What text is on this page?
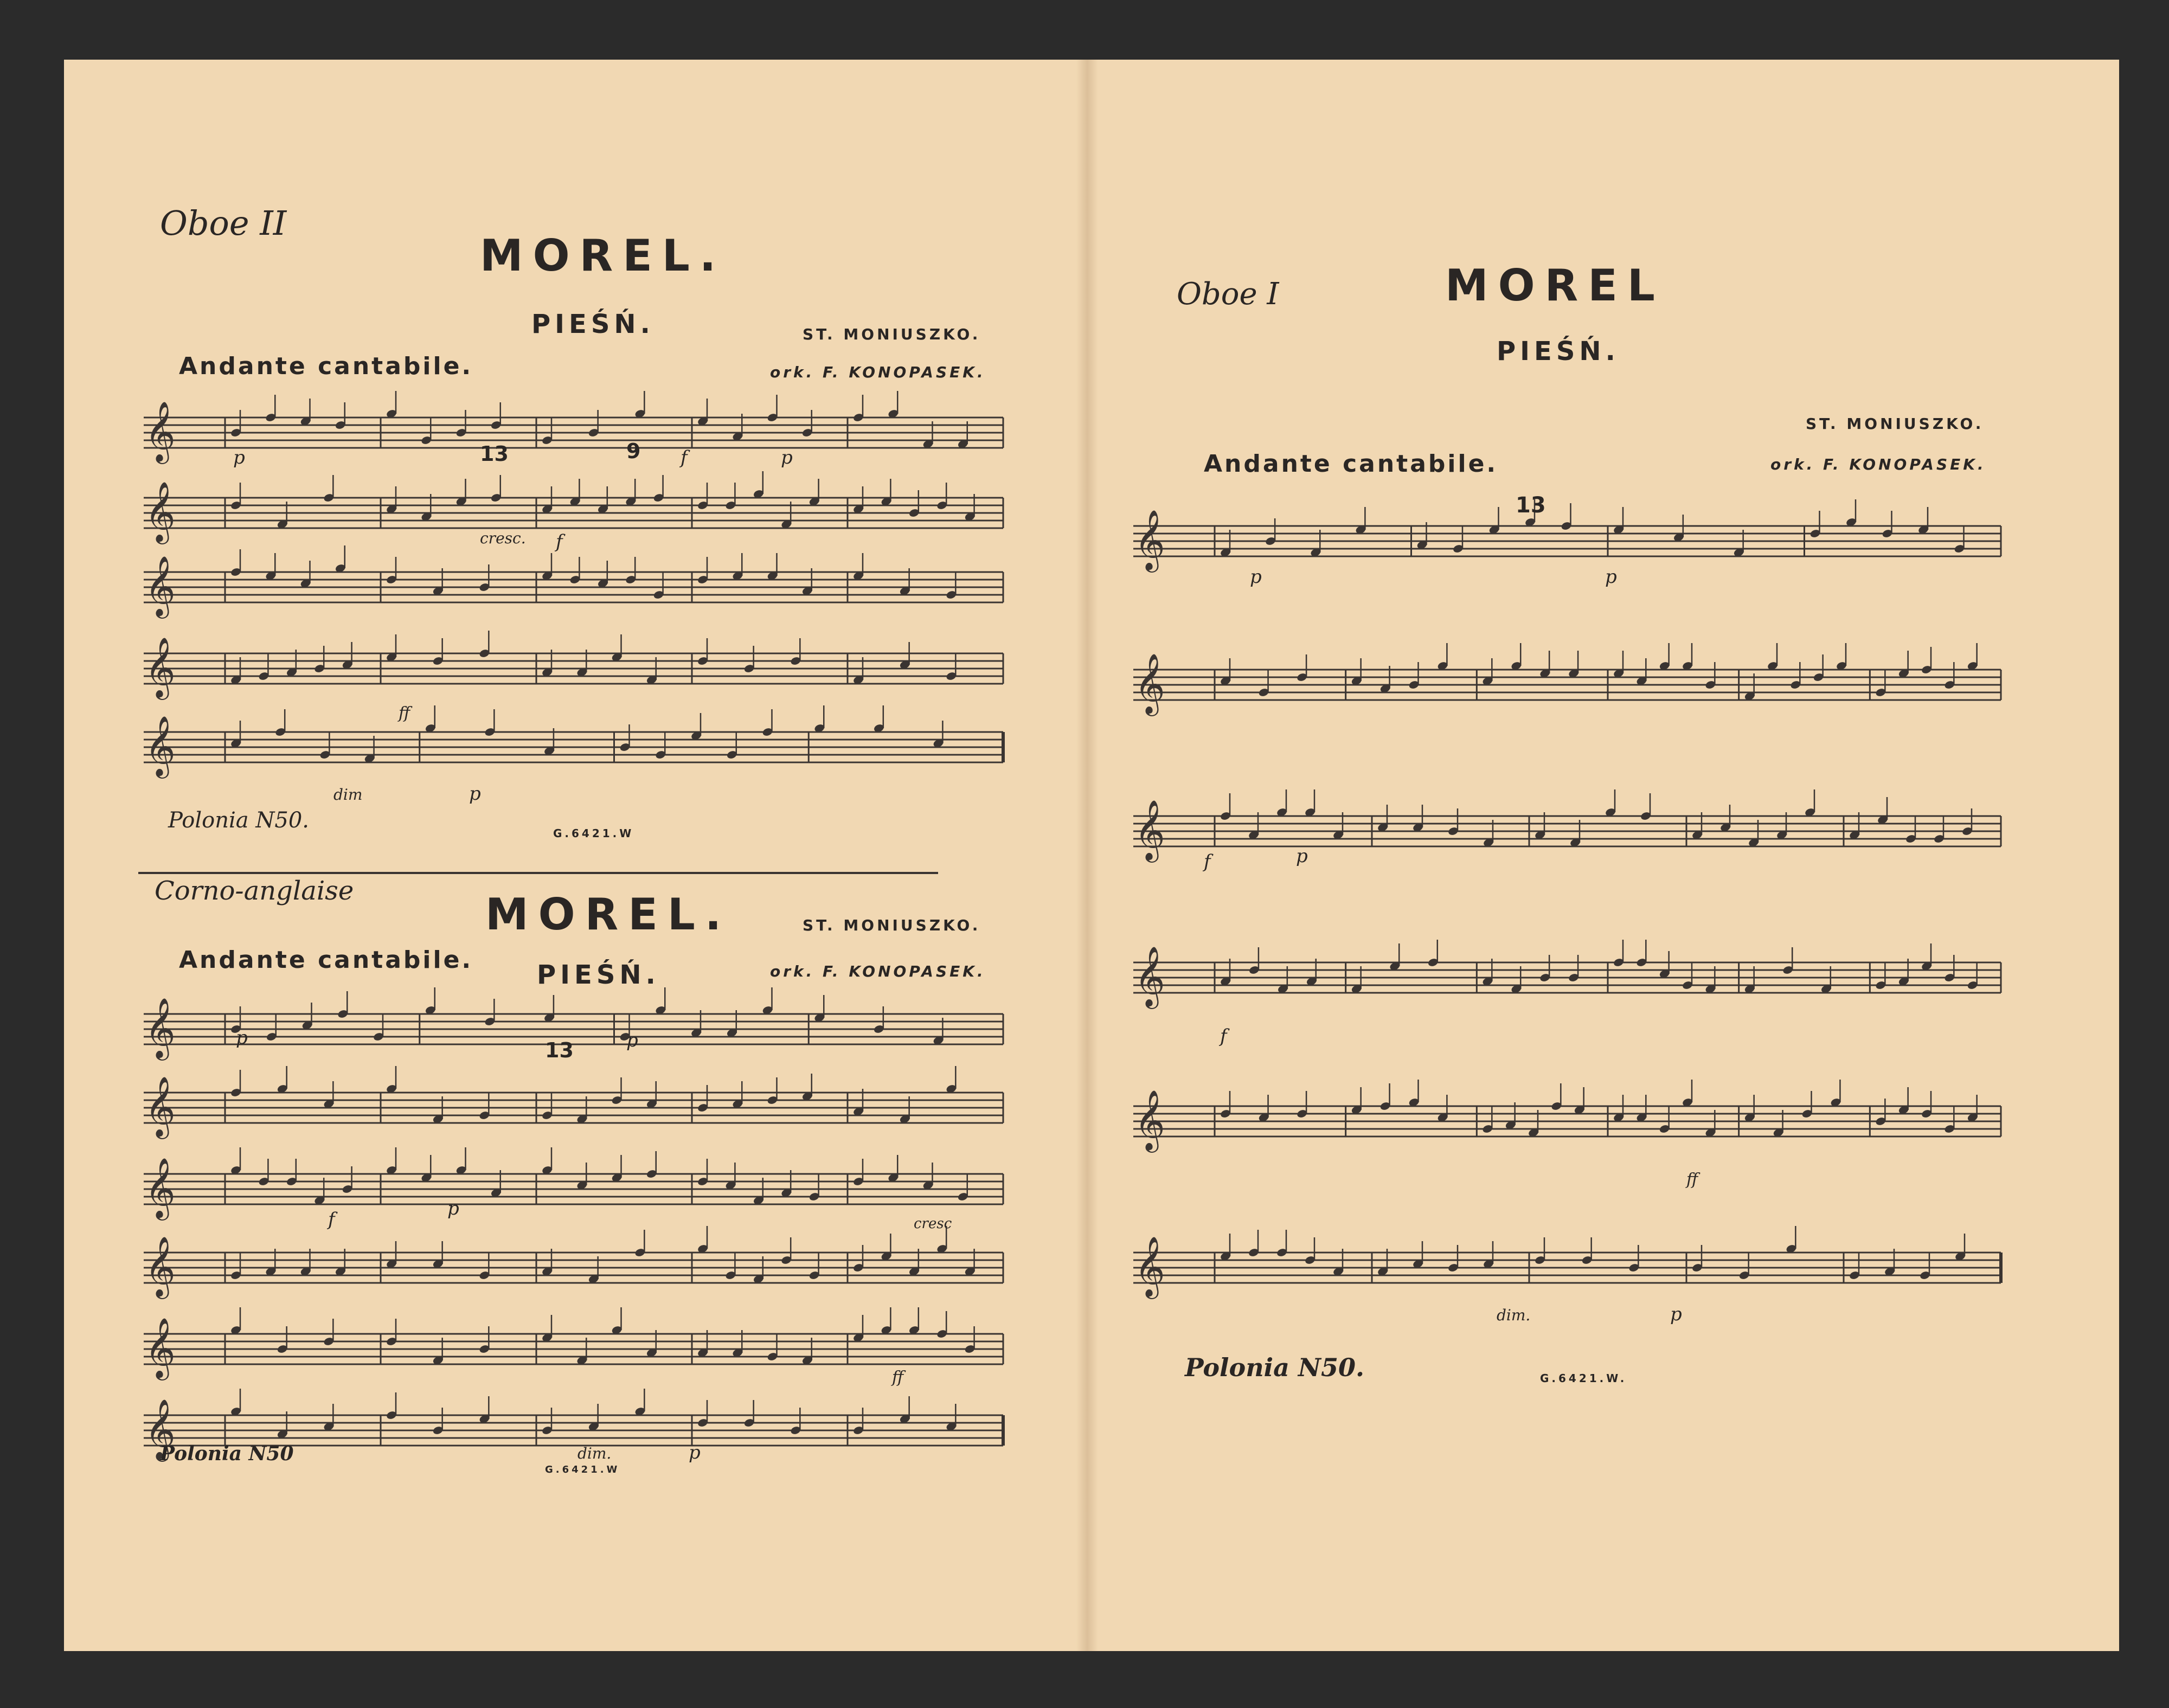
Oboe II
MOREL.
PIEŚŃ.	ST. MONIUSZKO.
Andante cantabile.	ork. F. KONOPASEK.
𝄞
𝄞
𝄞
𝄞
𝄞
13	9
p	f	p
cresc. f
ff
dim	p
Polonia N50.
G.6421.W
Corno-anglaise	MOREL.	ST. MONIUSZKO.
Andante cantabile. PIEŚŃ.	ork. F. KONOPASEK.
𝄞
𝄞
𝄞
𝄞
𝄞
𝄞
13
p	p
f	p
cresc
ff
dim.	p
Polonia N50
G.6421.W
Oboe I	MOREL
PIEŚŃ.
ST. MONIUSZKO.
Andante cantabile.	ork. F. KONOPASEK.
𝄞
𝄞
𝄞
𝄞
𝄞
𝄞
13
p	p
f	p
f
ff
dim.	p
Polonia N50.	G.6421.W.
